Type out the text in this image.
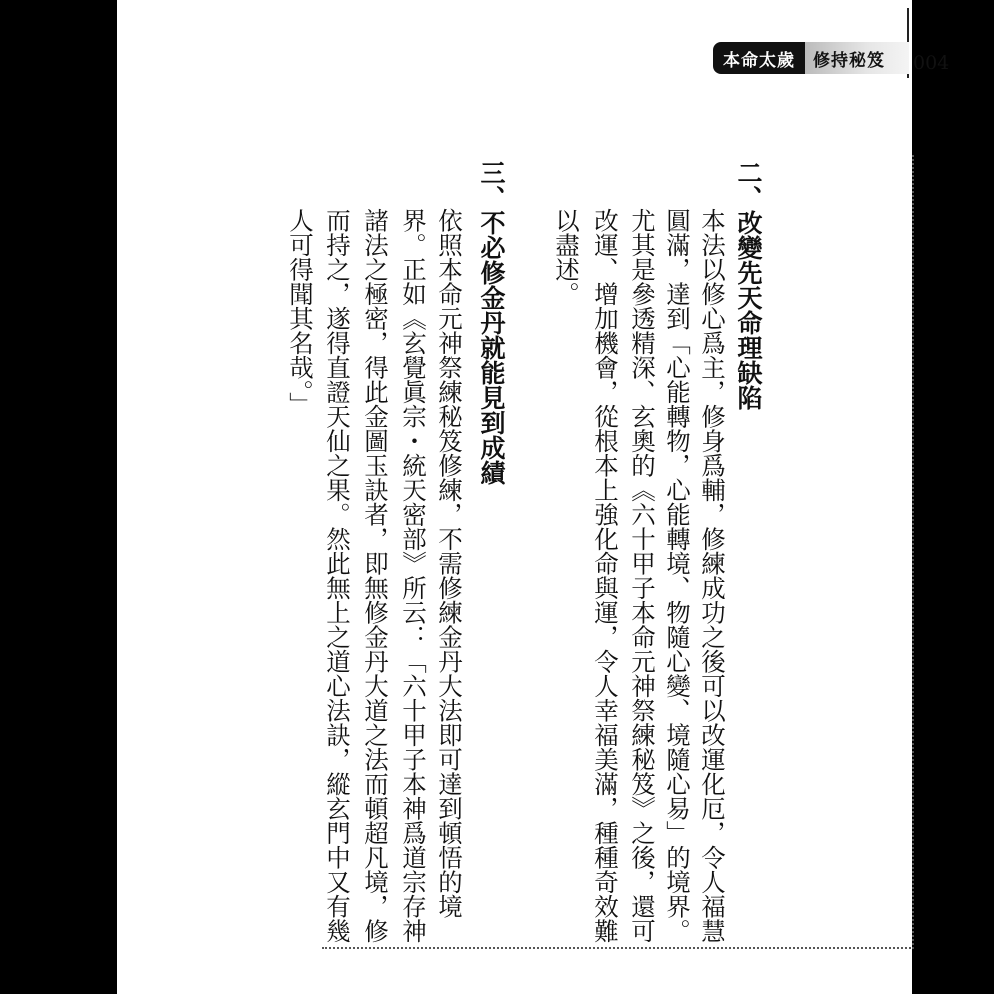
本命太歲	修持秘笈	004
二、改變先天命理缺陷
本法以修心爲主，修身爲輔，修練成功之後可以改運化厄，令人福慧
圓滿，達到「心能轉物，心能轉境、物隨心變、境隨心易」的境界。
尤其是參透精深、玄奧的《六十甲子本命元神祭練秘笈》之後，還可
改運、增加機會，從根本上強化命與運，令人幸福美滿，種種奇效難
以盡述。
三、不必修金丹就能見到成績
依照本命元神祭練秘笈修練，不需修練金丹大法即可達到頓悟的境
界。正如《玄覺眞宗・統天密部》所云：「六十甲子本神爲道宗存神
諸法之極密，得此金圖玉訣者，即無修金丹大道之法而頓超凡境，修
而持之，遂得直證天仙之果。然此無上之道心法訣，縱玄門中又有幾
人可得聞其名哉。」
